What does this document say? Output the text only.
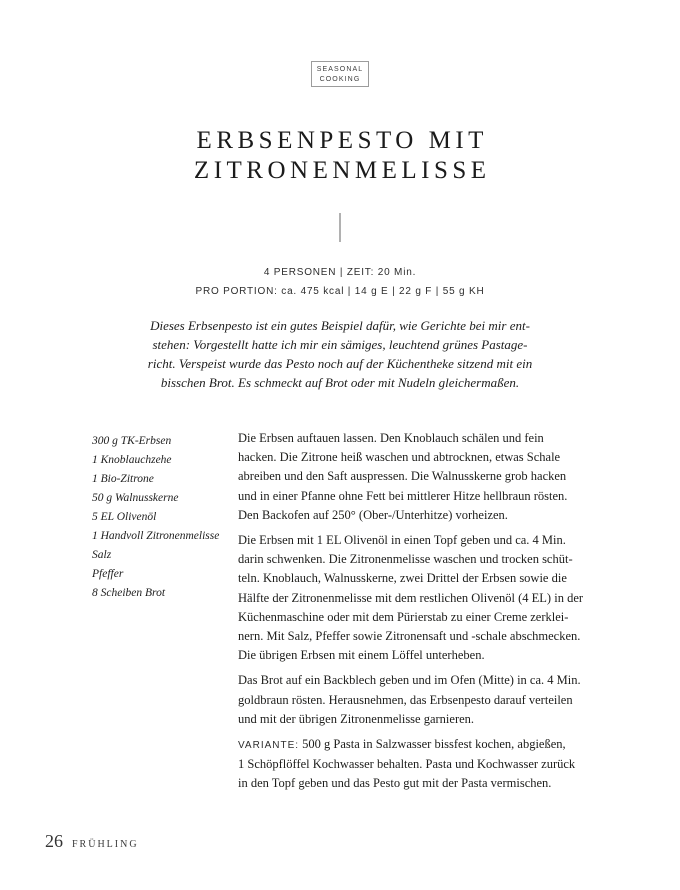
SEASONAL
COOKING
ERBSENPESTO MIT
ZITRONENMELISSE
4 PERSONEN | ZEIT: 20 Min.
PRO PORTION: ca. 475 kcal | 14 g E | 22 g F | 55 g KH
Dieses Erbsenpesto ist ein gutes Beispiel dafür, wie Gerichte bei mir ent-
stehen: Vorgestellt hatte ich mir ein sämiges, leuchtend grünes Pastage-
richt. Verspeist wurde das Pesto noch auf der Küchentheke sitzend mit ein
bisschen Brot. Es schmeckt auf Brot oder mit Nudeln gleichermaßen.
300 g TK-Erbsen
1 Knoblauchzehe
1 Bio-Zitrone
50 g Walnusskerne
5 EL Olivenöl
1 Handvoll Zitronenmelisse
Salz
Pfeffer
8 Scheiben Brot
Die Erbsen auftauen lassen. Den Knoblauch schälen und fein
hacken. Die Zitrone heiß waschen und abtrocknen, etwas Schale
abreiben und den Saft auspressen. Die Walnusskerne grob hacken
und in einer Pfanne ohne Fett bei mittlerer Hitze hellbraun rösten.
Den Backofen auf 250° (Ober-/Unterhitze) vorheizen.
Die Erbsen mit 1 EL Olivenöl in einen Topf geben und ca. 4 Min.
darin schwenken. Die Zitronenmelisse waschen und trocken schüt-
teln. Knoblauch, Walnusskerne, zwei Drittel der Erbsen sowie die
Hälfte der Zitronenmelisse mit dem restlichen Olivenöl (4 EL) in der
Küchenmaschine oder mit dem Pürierstab zu einer Creme zerklei-
nern. Mit Salz, Pfeffer sowie Zitronensaft und -schale abschmecken.
Die übrigen Erbsen mit einem Löffel unterheben.
Das Brot auf ein Backblech geben und im Ofen (Mitte) in ca. 4 Min.
goldbraun rösten. Herausnehmen, das Erbsenpesto darauf verteilen
und mit der übrigen Zitronenmelisse garnieren.
VARIANTE: 500 g Pasta in Salzwasser bissfest kochen, abgießen,
1 Schöpflöffel Kochwasser behalten. Pasta und Kochwasser zurück
in den Topf geben und das Pesto gut mit der Pasta vermischen.
26 FRÜHLING
